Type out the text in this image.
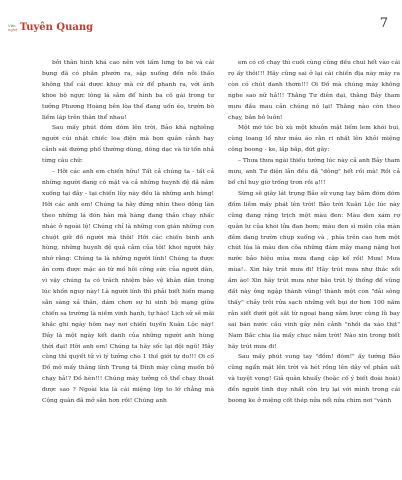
Văn
nghệ Tuyên Quang	7

bởi thân hình khá cao nên với tấm lưng to bè và cái bụng đã có phần phướn ra, sập xuống đến nỗi thấo không thể cái dược khuy mà cứ để phanh ra, với ánh khoe bộ ngực lông lá sẫm để hình ba cô gái trong tư tưởng Phương Hoàng bên lòa thế đang uốn éo, trườn bò liếm láp trên thân thể nhau!

Sau mấy phút đóm dóm lên trời, Bảo khá nghiêng người cúi nhặt chiếc loa điện mà bọn quân cảnh hay cảnh sát đường phố thường dùng, dõng dạc và từ tốn nhả từng câu chữ:

– Hỡi các anh em chiến hữu! Tất cả chúng ta - tất cả những người đang có mặt và cả những huynh đệ đã nằm xuống tại đây - tại chiến lũy này đều là những anh hùng! Hỡi các anh em! Chúng ta hãy đứng nhìn theo dõng làn theo những lá đón hàn mà hàng đang thảo chạy nhấc nhác ở ngoài lộ! Chúng chỉ là những con gián những con chuột giữ đồ người mà thôi! Hỡi các chiến binh anh hùng, những huynh đệ quả cảm của tôi! khoi người hãy nhớ rằng: Chúng ta là những người lính! Chúng ta được ăn cơm được mặc áo từ mồ hôi công sức của người dân, vì vậy chúng ta có trách nhiệm bảo vệ khân dân trong lúc khốn nguy này! Là người lính thì phải biết hiến mạng sẵn sàng xả thân, dám chơn sự hi sinh bộ mạng giữa chiến sa trường là niềm vinh hạnh, tự hào! Lịch sử sẽ mãi khắc ghi ngày hôm nay nơi chiến tuyến Xuân Lộc này! Đây là một ngày kết danh của những người anh hùng thời đại! Hỡi anh em! Chúng ta hãy sốc lại đội ngũ! Hãy cũng thì quyết tử vì lý tưởng cho 1 thế giới tự do!!! Ơi cố Đồ mô mấy thằng lính Trung tá Đình mày cũng muốn bỏ chạy hả!? Đồ hèn!!! Chúng mày tưởng cỗ thể chạy thoát được sao ? Ngoài kia là cái miệng lớp to lớ chẳng mà Cộng quân đã mở sẵn hơn rồi! Chúng anh

em có cố chạy thì cuối cùng cũng đều chui hết vào cái rọ ấy thôi!!! Hãy cũng sai ở lại cái chiến địa này mày ra còn có chút danh thơm!!! Ơi Đồ mà chúng mày không nghe sao nữ hả!!! Thằng Tư điên dại, thằng Bảy tham mưu đầu mau cản chúng nó lại! Thằng nào còn theo chạy, bắn bỏ luôn!

Một mớ tóc bù xù một khuôn mặt liếm lem khói bụi, cùng loang lổ như máu áo rằn ri nhất lên khỏi miệng công boong - ke, lắp bắp, đứt gãy:

– Thưa thưa ngài thiếu tướng lúc này cả anh Bảy tham mưu, anh Tư điện lẫn đều đã "dông" hết rồi mà! Rồi cả bổ chỉ huy giờ trống trơn rồi ạ!!!

Sừng sẽ giây lát trụng Bảo sữ vụng tay bẫm đóm dóm đốm liễm mấy phát lên trời! Bảo trời Xuân Lộc lúc này cũng đang rặng trịch một màu đen: Màu đen xám rợ quân lư của khói lửa đan bom; màu đen sì miên cõa màn đêm dang trườn chụp xuống và , phía trên cao hơn một chút lúa là màu đen cõa những đám mây mang nặng hơi nước bảo hiệu mùa mưa đang cập kế rồi! Mưa! Mưa mùa!.. Xin hãy trút mưa đi! Hãy trút mưa nhự thác xối ầm ào! Xin hãy trút mưa như bão trút lý thống để vũng đất này ông ngập thành vũng! thành một con "dải sông thấy" chảy trôi rửa sạch những vết bụi dơ hơn 100 năm rẫn siết dưới gót sắt từ ngoại bang xâm lược cùng lũ bay sai bán nước cầu vinh gây nên cảnh "nhồi da xáo thịt" Nam Bắc chia lìa mấy chục năm trời! Nào xin trong biết hãy trút mưa đi!

Sau mấy phút vung tay "đồm! đóm!" ấy tướng Bảo cũng ngẩn mặt lên trời và hét rồng lên dẫy về phẫn uất và tuyệt vọng! Giả quân khuẩy (hoặc cố ý biết đoài hoài) đến người tình duy nhất còn trụ lại với mình trong cái boong ke ở miệng cốt thép nửa nổi nửa chìm nơi "vành
